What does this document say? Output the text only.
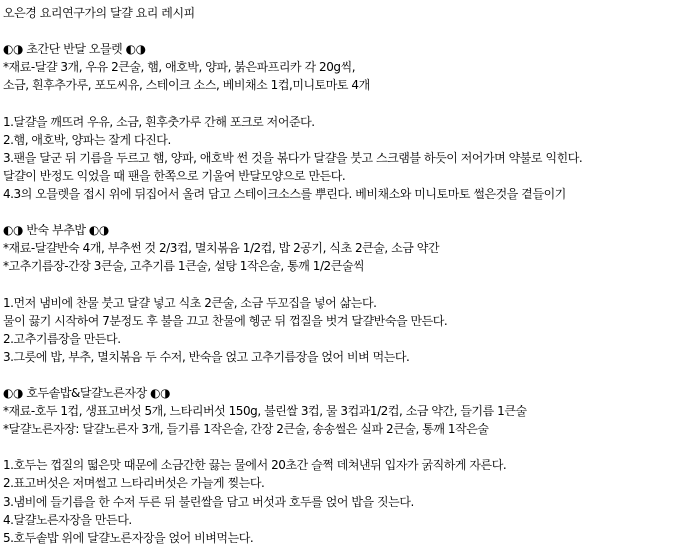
오은경 요리연구가의 달걀 요리 레시피
◐◑ 초간단 반달 오믈렛 ◐◑
*재료-달걀 3개, 우유 2큰술, 햄, 애호박, 양파, 붉은파프리카 각 20g씩,
소금, 흰후추가루, 포도씨유, 스테이크 소스, 베비채소 1컵,미니토마토 4개
1.달걀을 깨뜨려 우유, 소금, 흰후춧가루 간해 포크로 저어준다.
2.햄, 애호박, 양파는 잘게 다진다.
3.팬을 달군 뒤 기름을 두르고 햄, 양파, 애호박 썬 것을 볶다가 달걀을 붓고 스크램블 하듯이 저어가며 약불로 익힌다.
달걀이 반정도 익었을 때 팬을 한쪽으로 기울여 반달모양으로 만든다.
4.3의 오믈렛을 접시 위에 뒤집어서 올려 담고 스테이크소스를 뿌린다. 베비채소와 미니토마토 썰은것을 곁들이기
◐◑ 반숙 부추밥 ◐◑
*재료-달걀반숙 4개, 부추썬 것 2/3컵, 멸치볶음 1/2컵, 밥 2공기, 식초 2큰술, 소금 약간
*고추기름장-간장 3큰술, 고추기름 1큰술, 설탕 1작은술, 통깨 1/2큰술씩
1.먼저 냄비에 찬물 붓고 달걀 넣고 식초 2큰술, 소금 두꼬집을 넣어 삶는다.
물이 끓기 시작하여 7분정도 후 불을 끄고 찬물에 헹군 뒤 껍질을 벗겨 달걀반숙을 만든다.
2.고추기름장을 만든다.
3.그릇에 밥, 부추, 멸치볶음 두 수저, 반숙을 얹고 고추기름장을 얹어 비벼 먹는다.
◐◑ 호두솥밥&달걀노른자장 ◐◑
*재료-호두 1컵, 생표고버섯 5개, 느타리버섯 150g, 불린쌀 3컵, 물 3컵과1/2컵, 소금 약간, 들기름 1큰술
*달걀노른자장: 달걀노른자 3개, 들기름 1작은술, 간장 2큰술, 송송썰은 실파 2큰술, 통깨 1작은술
1.호두는 껍질의 떫은맛 때문에 소금간한 끓는 물에서 20초간 슬쩍 데쳐낸뒤 입자가 굵직하게 자른다.
2.표고버섯은 저며썰고 느타리버섯은 가늘게 찢는다.
3.냄비에 들기름을 한 수저 두른 뒤 불린쌀을 담고 버섯과 호두를 얹어 밥을 짓는다.
4.달걀노른자장을 만든다.
5.호두솥밥 위에 달걀노른자장을 얹어 비벼먹는다.
